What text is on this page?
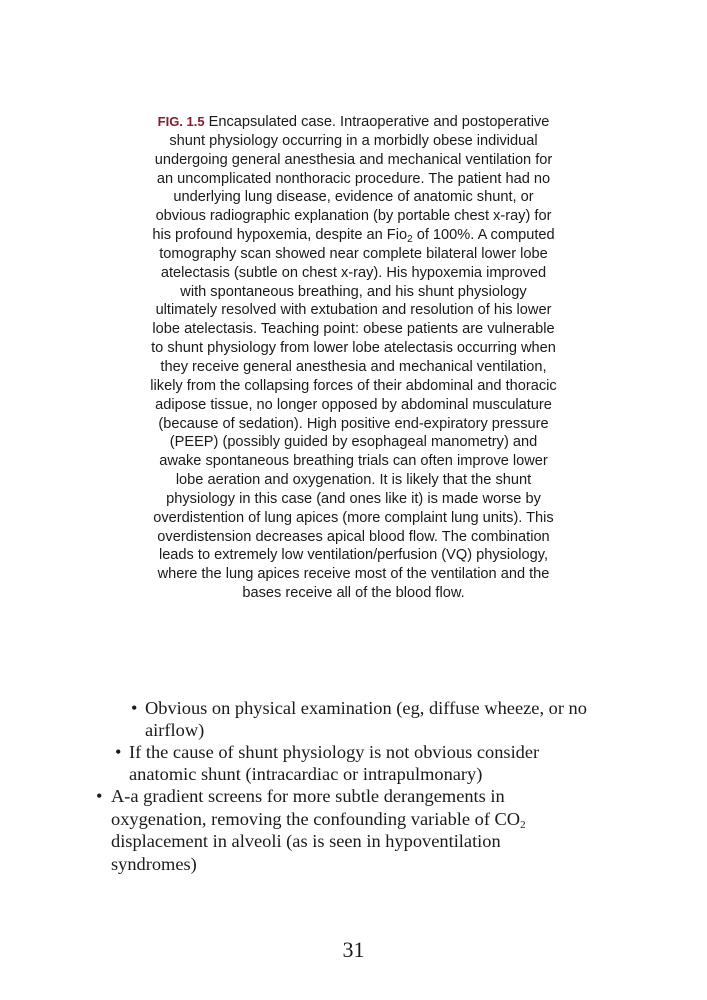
FIG. 1.5 Encapsulated case. Intraoperative and postoperative shunt physiology occurring in a morbidly obese individual undergoing general anesthesia and mechanical ventilation for an uncomplicated nonthoracic procedure. The patient had no underlying lung disease, evidence of anatomic shunt, or obvious radiographic explanation (by portable chest x-ray) for his profound hypoxemia, despite an Fio$_2$ of 100%. A computed tomography scan showed near complete bilateral lower lobe atelectasis (subtle on chest x-ray). His hypoxemia improved with spontaneous breathing, and his shunt physiology ultimately resolved with extubation and resolution of his lower lobe atelectasis. Teaching point: obese patients are vulnerable to shunt physiology from lower lobe atelectasis occurring when they receive general anesthesia and mechanical ventilation, likely from the collapsing forces of their abdominal and thoracic adipose tissue, no longer opposed by abdominal musculature (because of sedation). High positive end-expiratory pressure (PEEP) (possibly guided by esophageal manometry) and awake spontaneous breathing trials can often improve lower lobe aeration and oxygenation. It is likely that the shunt physiology in this case (and ones like it) is made worse by overdistention of lung apices (more complaint lung units). This overdistension decreases apical blood flow. The combination leads to extremely low ventilation/perfusion (VQ) physiology, where the lung apices receive most of the ventilation and the bases receive all of the blood flow.
• Obvious on physical examination (eg, diffuse wheeze, or no airflow)
• If the cause of shunt physiology is not obvious consider anatomic shunt (intracardiac or intrapulmonary)
• A-a gradient screens for more subtle derangements in oxygenation, removing the confounding variable of $CO_2$ displacement in alveoli (as is seen in hypoventilation syndromes)
31
